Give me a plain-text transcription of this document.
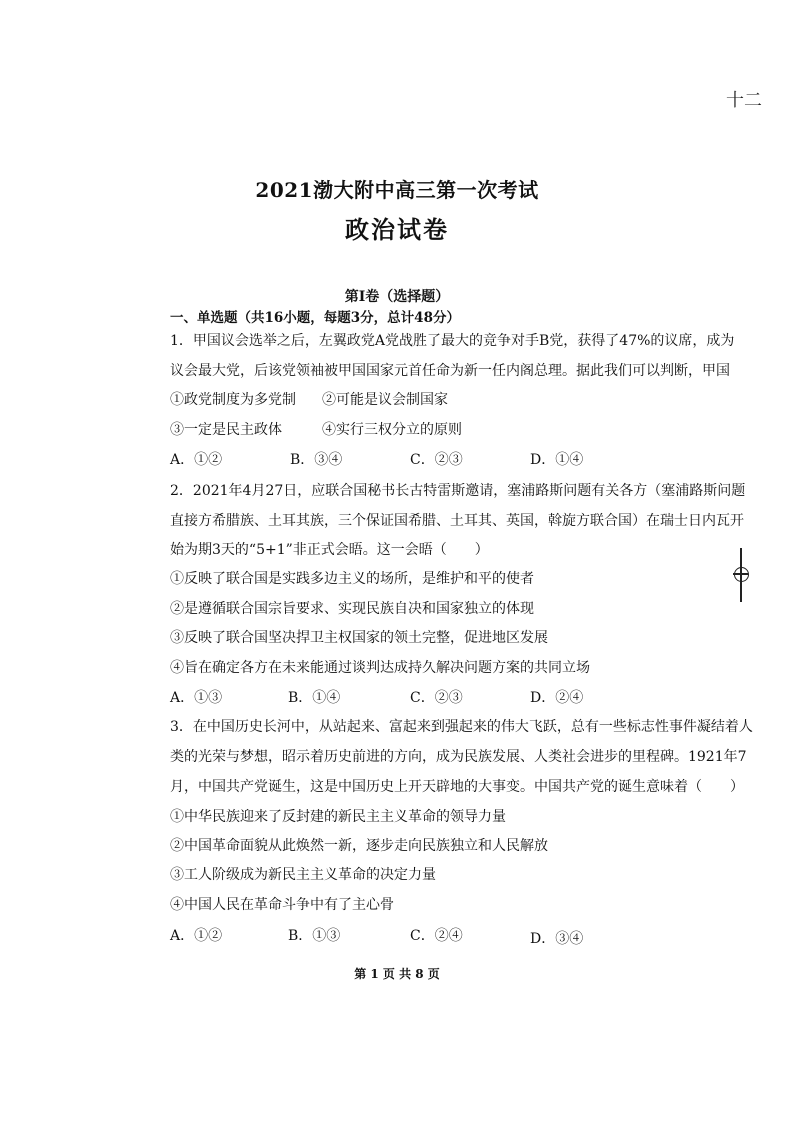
十二
2021渤大附中高三第一次考试
政治试卷
第Ⅰ卷（选择题）
一、单选题（共16小题，每题3分，总计48分）
1．甲国议会选举之后，左翼政党A党战胜了最大的竞争对手B党，获得了47%的议席，成为
议会最大党，后该党领袖被甲国国家元首任命为新一任内阁总理。据此我们可以判断，甲国
①政党制度为多党制 ②可能是议会制国家
③一定是民主政体	④实行三权分立的原则
A．①②	B．③④	C．②③	D．①④
2．2021年4月27日，应联合国秘书长古特雷斯邀请，塞浦路斯问题有关各方（塞浦路斯问题
直接方希腊族、土耳其族，三个保证国希腊、土耳其、英国，斡旋方联合国）在瑞士日内瓦开
始为期3天的“5+1”非正式会晤。这一会晤（　　）
①反映了联合国是实践多边主义的场所，是维护和平的使者
②是遵循联合国宗旨要求、实现民族自决和国家独立的体现
③反映了联合国坚决捍卫主权国家的领土完整，促进地区发展
④旨在确定各方在未来能通过谈判达成持久解决问题方案的共同立场
A．①③	B．①④	C．②③	D．②④
3．在中国历史长河中，从站起来、富起来到强起来的伟大飞跃，总有一些标志性事件凝结着人
类的光荣与梦想，昭示着历史前进的方向，成为民族发展、人类社会进步的里程碑。1921年7
月，中国共产党诞生，这是中国历史上开天辟地的大事变。中国共产党的诞生意味着（　　）
①中华民族迎来了反封建的新民主主义革命的领导力量
②中国革命面貌从此焕然一新，逐步走向民族独立和人民解放
③工人阶级成为新民主主义革命的决定力量
④中国人民在革命斗争中有了主心骨
A．①②	B．①③	C．②④	D．③④
第 1 页 共 8 页
